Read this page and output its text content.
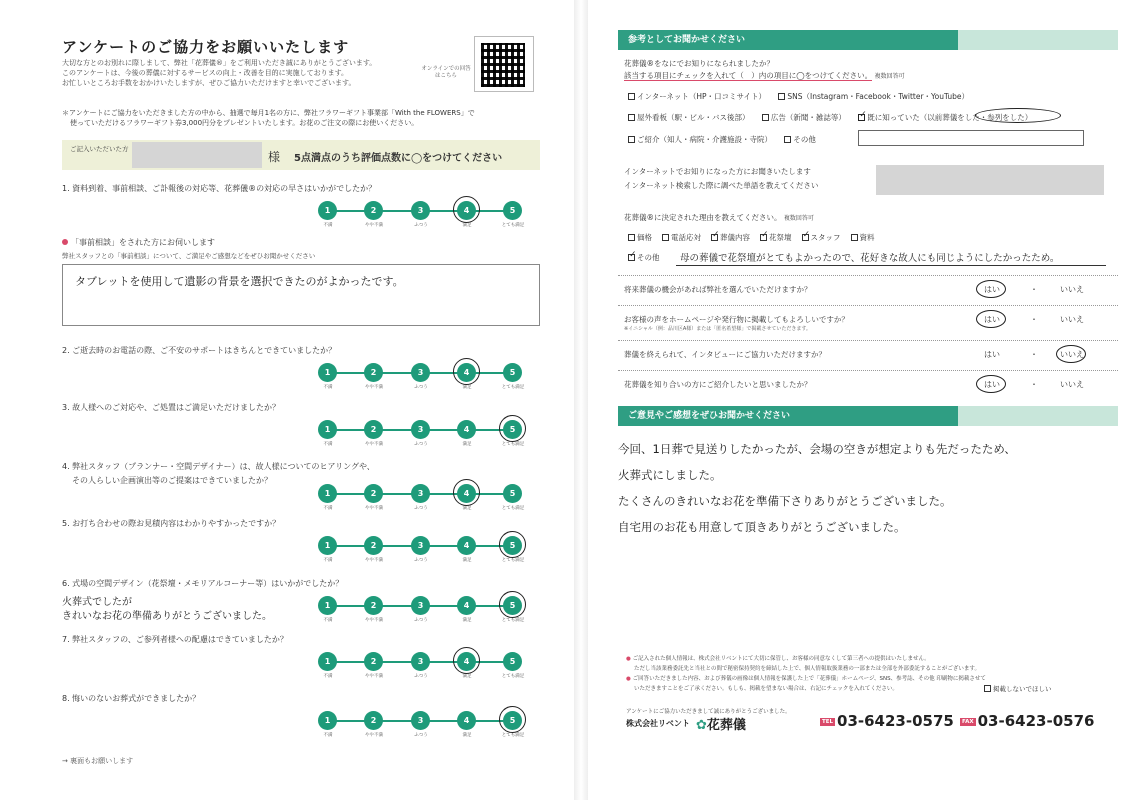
アンケートのご協力をお願いいたします
大切な方とのお別れに際しまして、弊社「花葬儀®」をご利用いただき誠にありがとうございます。
このアンケートは、今後の葬儀に対するサービスの向上・改善を目的に実施しております。
お忙しいところお手数をおかけいたしますが、ぜひご協力いただけますと幸いでございます。
オンラインでの回答はこちら
＊アンケートにご協力をいただきました方の中から、抽選で毎月1名の方に、弊社フラワーギフト事業部「With the FLOWERS」で
使っていただけるフラワーギフト券3,000円分をプレゼントいたします。お花のご注文の際にお使いください。
ご記入いただいた方
様 5点満点のうち評価点数に◯をつけてください
1. 資料到着、事前相談、ご訃報後の対応等、花葬儀®の対応の早さはいかがでしたか？
1
不満
2
やや不満
3
ふつう
4
満足
5
とても満足
2. ご逝去時のお電話の際、ご不安のサポートはきちんとできていましたか？
1
不満
2
やや不満
3
ふつう
4
満足
5
とても満足
3. 故人様へのご対応や、ご処置はご満足いただけましたか？
1
不満
2
やや不満
3
ふつう
4
満足
5
とても満足
4. 弊社スタッフ（プランナー・空間デザイナー）は、故人様についてのヒアリングや、
その人らしい企画演出等のご提案はできていましたか？
1
不満
2
やや不満
3
ふつう
4
満足
5
とても満足
5. お打ち合わせの際お見積内容はわかりやすかったですか？
1
不満
2
やや不満
3
ふつう
4
満足
5
とても満足
6. 式場の空間デザイン（花祭壇・メモリアルコーナー等）はいかがでしたか？
1
不満
2
やや不満
3
ふつう
4
満足
5
とても満足
7. 弊社スタッフの、ご参列者様への配慮はできていましたか？
1
不満
2
やや不満
3
ふつう
4
満足
5
とても満足
8. 悔いのないお葬式ができましたか？
1
不満
2
やや不満
3
ふつう
4
満足
5
とても満足
「事前相談」をされた方にお伺いします
弊社スタッフとの「事前相談」について、ご満足やご感想などをぜひお聞かせください
タブレットを使用して遺影の背景を選択できたのがよかったです。
火葬式でしたが
きれいなお花の準備ありがとうございました。
→ 裏面もお願いします
参考としてお聞かせください
花葬儀®をなにでお知りになられましたか？
該当する項目にチェックを入れて（　）内の項目に◯をつけてください。 複数回答可
インターネット（HP・口コミサイト）	SNS（Instagram・Facebook・Twitter・YouTube）
屋外看板（駅・ビル・バス後部）	広告（新聞・雑誌等） ✓ 既に知っていた（以前葬儀をした・参列をした）
ご紹介（知人・病院・介護施設・寺院）	その他
インターネットでお知りになった方にお聞きいたします
インターネット検索した際に調べた単語を教えてください
花葬儀®に決定された理由を教えてください。 複数回答可
価格	電話応対 ✓ 葬儀内容 ✓ 花祭壇 ✓ スタッフ	資料
✓ その他	母の葬儀で花祭壇がとてもよかったので、花好きな故人にも同じようにしたかったため。
将来葬儀の機会があれば弊社を選んでいただけますか？	はい	・	いいえ
お客様の声をホームページや発行物に掲載してもよろしいですか？
※イニシャル（例：品川区A様）または「匿名希望様」で掲載させていただきます。
はい	・	いいえ
葬儀を終えられて、インタビューにご協力いただけますか？	はい	・	いいえ
花葬儀を知り合いの方にご紹介したいと思いましたか？	はい	・	いいえ
ご意見やご感想をぜひお聞かせください
今回、1日葬で見送りしたかったが、会場の空きが想定よりも先だったため、
火葬式にしました。
たくさんのきれいなお花を準備下さりありがとうございました。
自宅用のお花も用意して頂きありがとうございました。
● ご記入された個人情報は、株式会社リベントにて大切に保管し、お客様の同意なくして第三者への提供はいたしません。
ただし当該業務委託先と当社との間で秘密保持契約を締結した上で、個人情報取扱業務の一部または全部を外部委託することがございます。
● ご回答いただきました内容、および葬儀の画像は個人情報を保護した上で「花葬儀」ホームページ、SNS、参考誌、その他 印刷物に掲載させて
いただきますことをご了承ください。もしも、掲載を望まない場合は、右記にチェックを入れてください。	掲載しないでほしい
アンケートにご協力いただきまして誠にありがとうございました。
株式会社リベント ✿花葬儀	TEL 03-6423-0575	FAX 03-6423-0576
